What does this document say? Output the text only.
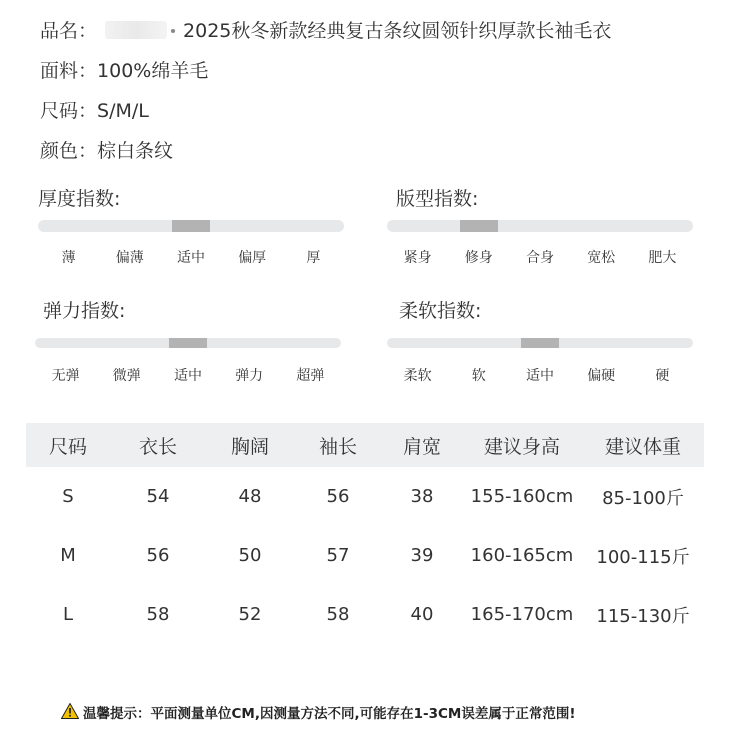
品名：	2025秋冬新款经典复古条纹圆领针织厚款长袖毛衣
面料：100%绵羊毛
尺码：S/M/L
颜色：棕白条纹
厚度指数:
薄	偏薄	适中	偏厚	厚
版型指数:
紧身	修身	合身	宽松	肥大
弹力指数:
无弹	微弹	适中	弹力	超弹
柔软指数:
柔软	软	适中	偏硬	硬
尺码	衣长	胸阔	袖长	肩宽	建议身高	建议体重
S	54	48	56	38	155-160cm	85-100斤
M	56	50	57	39	160-165cm	100-115斤
L	58	52	58	40	165-170cm	115-130斤
温馨提示：平面测量单位CM,因测量方法不同,可能存在1-3CM误差属于正常范围!
